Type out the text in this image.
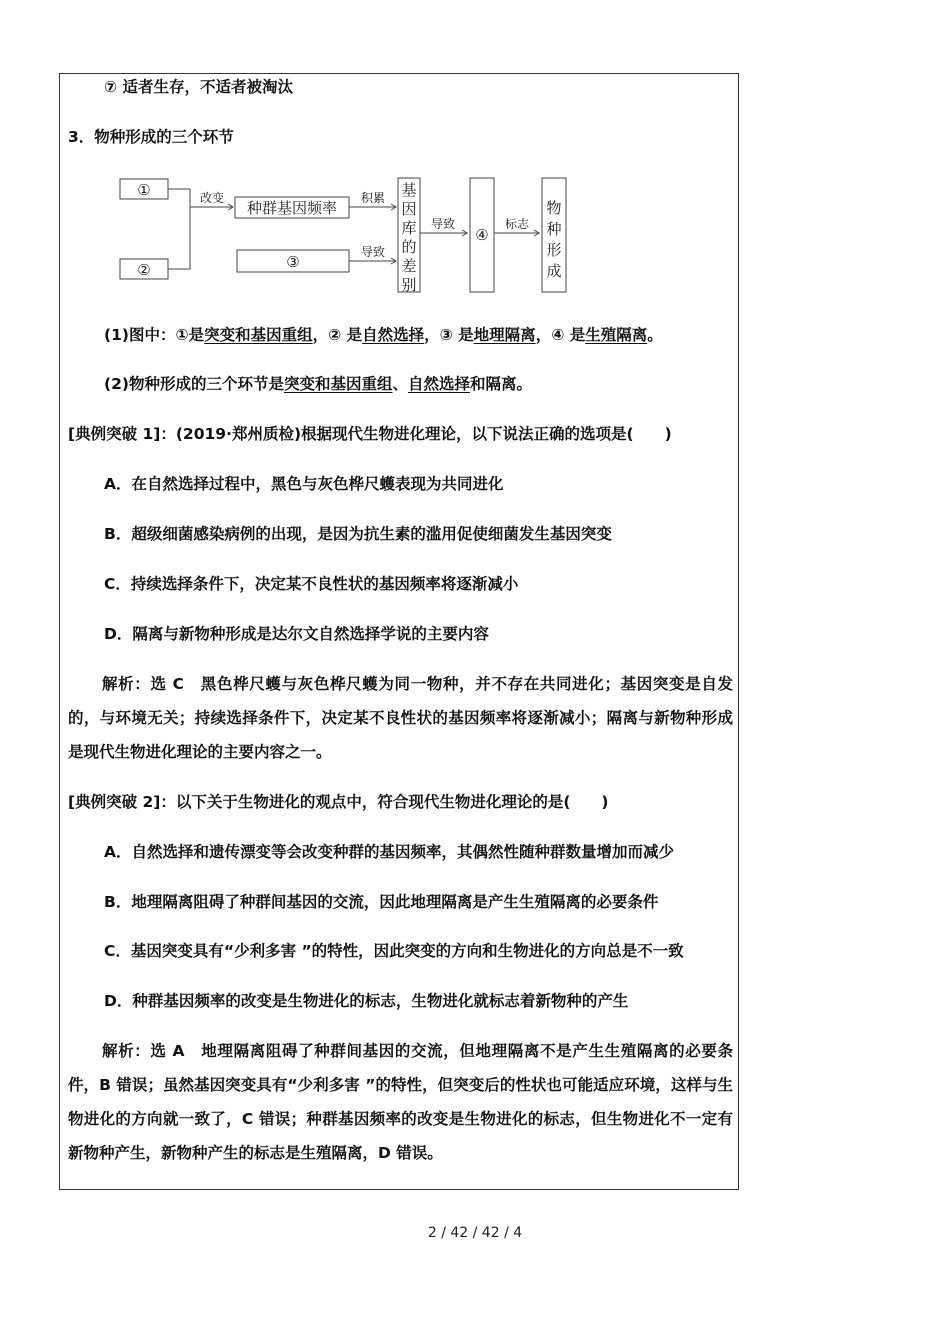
⑦ 适者生存，不适者被淘汰
3．物种形成的三个环节
①
②
改变
种群基因频率
积累
③
导致
基
因
库
的
差
别
导致
④
标志
物
种
形
成
(1)图中：①是突变和基因重组，② 是自然选择，③ 是地理隔离，④ 是生殖隔离。
(2)物种形成的三个环节是突变和基因重组、自然选择和隔离。
[典例突破 1]：(2019·郑州质检)根据现代生物进化理论，以下说法正确的选项是(　　)
A．在自然选择过程中，黑色与灰色桦尺蠖表现为共同进化
B．超级细菌感染病例的出现，是因为抗生素的滥用促使细菌发生基因突变
C．持续选择条件下，决定某不良性状的基因频率将逐渐减小
D．隔离与新物种形成是达尔文自然选择学说的主要内容
解析：选 C　黑色桦尺蠖与灰色桦尺蠖为同一物种，并不存在共同进化；基因突变是自发的，与环境无关；持续选择条件下，决定某不良性状的基因频率将逐渐减小；隔离与新物种形成是现代生物进化理论的主要内容之一。
[典例突破 2]：以下关于生物进化的观点中，符合现代生物进化理论的是(　　)
A．自然选择和遗传漂变等会改变种群的基因频率，其偶然性随种群数量增加而减少
B．地理隔离阻碍了种群间基因的交流，因此地理隔离是产生生殖隔离的必要条件
C．基因突变具有“少利多害 ”的特性，因此突变的方向和生物进化的方向总是不一致
D．种群基因频率的改变是生物进化的标志，生物进化就标志着新物种的产生
解析：选 A　地理隔离阻碍了种群间基因的交流，但地理隔离不是产生生殖隔离的必要条件，B 错误；虽然基因突变具有“少利多害 ”的特性，但突变后的性状也可能适应环境，这样与生物进化的方向就一致了，C 错误；种群基因频率的改变是生物进化的标志，但生物进化不一定有新物种产生，新物种产生的标志是生殖隔离，D 错误。
2 / 42 / 42 / 4
